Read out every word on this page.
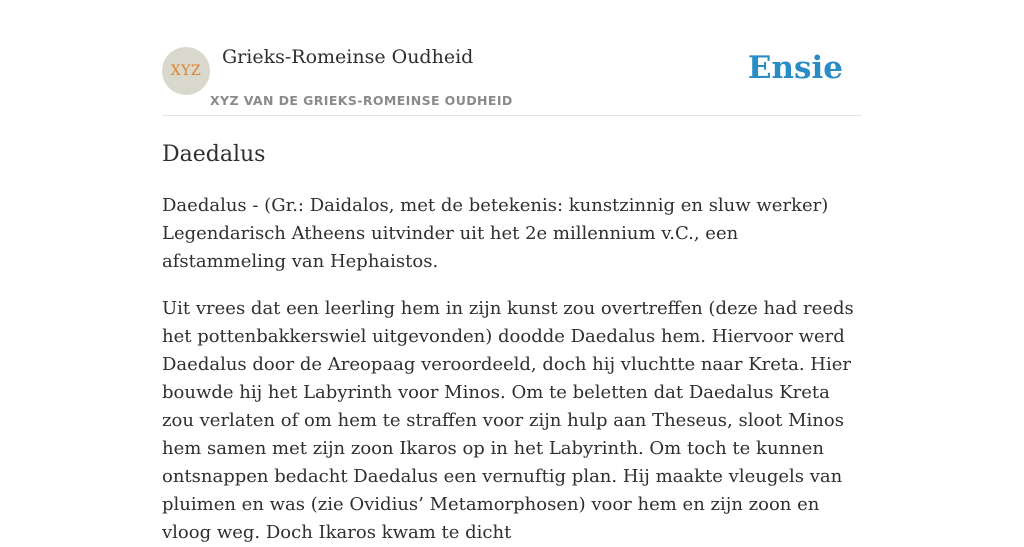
XYZ
Grieks-Romeinse Oudheid
XYZ VAN DE GRIEKS-ROMEINSE OUDHEID
Ensie
Daedalus

Daedalus - (Gr.: Daidalos, met de betekenis: kunstzinnig en sluw werker) Legendarisch Atheens uitvinder uit het 2e millennium v.C., een afstammeling van Hephaistos.

Uit vrees dat een leerling hem in zijn kunst zou overtreffen (deze had reeds het pottenbakkerswiel uitgevonden) doodde Daedalus hem. Hiervoor werd Daedalus door de Areopaag veroordeeld, doch hij vluchtte naar Kreta. Hier bouwde hij het Labyrinth voor Minos. Om te beletten dat Daedalus Kreta zou verlaten of om hem te straffen voor zijn hulp aan Theseus, sloot Minos hem samen met zijn zoon Ikaros op in het Labyrinth. Om toch te kunnen ontsnappen bedacht Daedalus een vernuftig plan. Hij maakte vleugels van pluimen en was (zie Ovidius’ Metamorphosen) voor hem en zijn zoon en vloog weg. Doch Ikaros kwam te dicht
